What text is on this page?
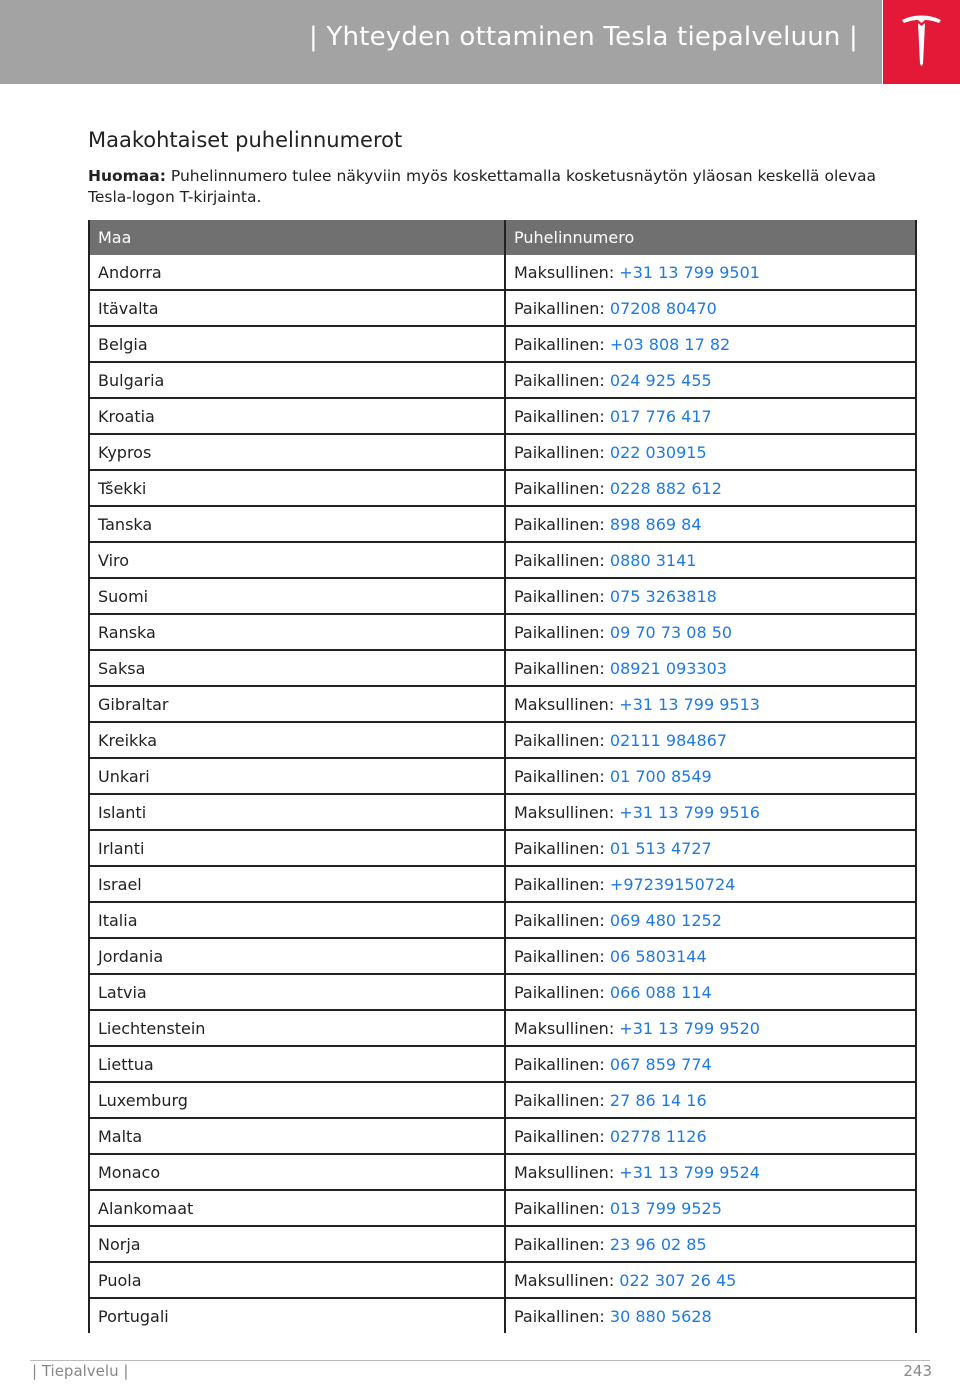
| Yhteyden ottaminen Tesla tiepalveluun |
Maakohtaiset puhelinnumerot
Huomaa: Puhelinnumero tulee näkyviin myös koskettamalla kosketusnäytön yläosan keskellä olevaa Tesla-logon T-kirjainta.
Maa	Puhelinnumero
Andorra	Maksullinen: +31 13 799 9501
Itävalta	Paikallinen: 07208 80470
Belgia	Paikallinen: +03 808 17 82
Bulgaria	Paikallinen: 024 925 455
Kroatia	Paikallinen: 017 776 417
Kypros	Paikallinen: 022 030915
Tšekki	Paikallinen: 0228 882 612
Tanska	Paikallinen: 898 869 84
Viro	Paikallinen: 0880 3141
Suomi	Paikallinen: 075 3263818
Ranska	Paikallinen: 09 70 73 08 50
Saksa	Paikallinen: 08921 093303
Gibraltar	Maksullinen: +31 13 799 9513
Kreikka	Paikallinen: 02111 984867
Unkari	Paikallinen: 01 700 8549
Islanti	Maksullinen: +31 13 799 9516
Irlanti	Paikallinen: 01 513 4727
Israel	Paikallinen: +97239150724
Italia	Paikallinen: 069 480 1252
Jordania	Paikallinen: 06 5803144
Latvia	Paikallinen: 066 088 114
Liechtenstein	Maksullinen: +31 13 799 9520
Liettua	Paikallinen: 067 859 774
Luxemburg	Paikallinen: 27 86 14 16
Malta	Paikallinen: 02778 1126
Monaco	Maksullinen: +31 13 799 9524
Alankomaat	Paikallinen: 013 799 9525
Norja	Paikallinen: 23 96 02 85
Puola	Maksullinen: 022 307 26 45
Portugali	Paikallinen: 30 880 5628
| Tiepalvelu |	243
